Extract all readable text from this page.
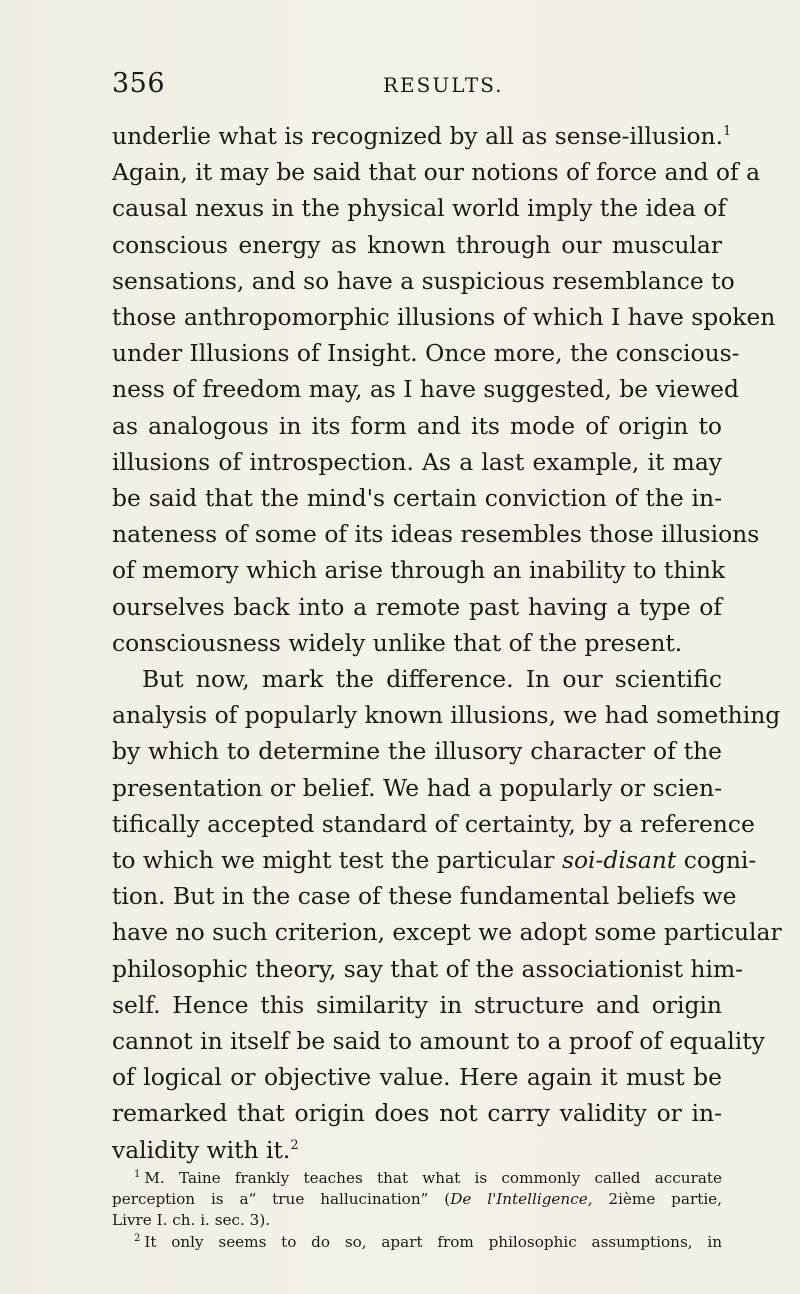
356	RESULTS.
underlie what is recognized by all as sense-illusion.$^1$
Again, it may be said that our notions of force and of a
causal nexus in the physical world imply the idea of
conscious energy as known through our muscular
sensations, and so have a suspicious resemblance to
those anthropomorphic illusions of which I have spoken
under Illusions of Insight. Once more, the conscious-
ness of freedom may, as I have suggested, be viewed
as analogous in its form and its mode of origin to
illusions of introspection. As a last example, it may
be said that the mind's certain conviction of the in-
nateness of some of its ideas resembles those illusions
of memory which arise through an inability to think
ourselves back into a remote past having a type of
consciousness widely unlike that of the present.
But now, mark the difference. In our scientific
analysis of popularly known illusions, we had something
by which to determine the illusory character of the
presentation or belief. We had a popularly or scien-
tifically accepted standard of certainty, by a reference
to which we might test the particular soi-disant cogni-
tion. But in the case of these fundamental beliefs we
have no such criterion, except we adopt some particular
philosophic theory, say that of the associationist him-
self. Hence this similarity in structure and origin
cannot in itself be said to amount to a proof of equality
of logical or objective value. Here again it must be
remarked that origin does not carry validity or in-
validity with it.$^2$
$^1$ M. Taine frankly teaches that what is commonly called accurate
perception is a“ true hallucination” (De l'Intelligence, 2ième partie,
Livre I. ch. i. sec. 3).
$^2$ It only seems to do so, apart from philosophic assumptions, in
